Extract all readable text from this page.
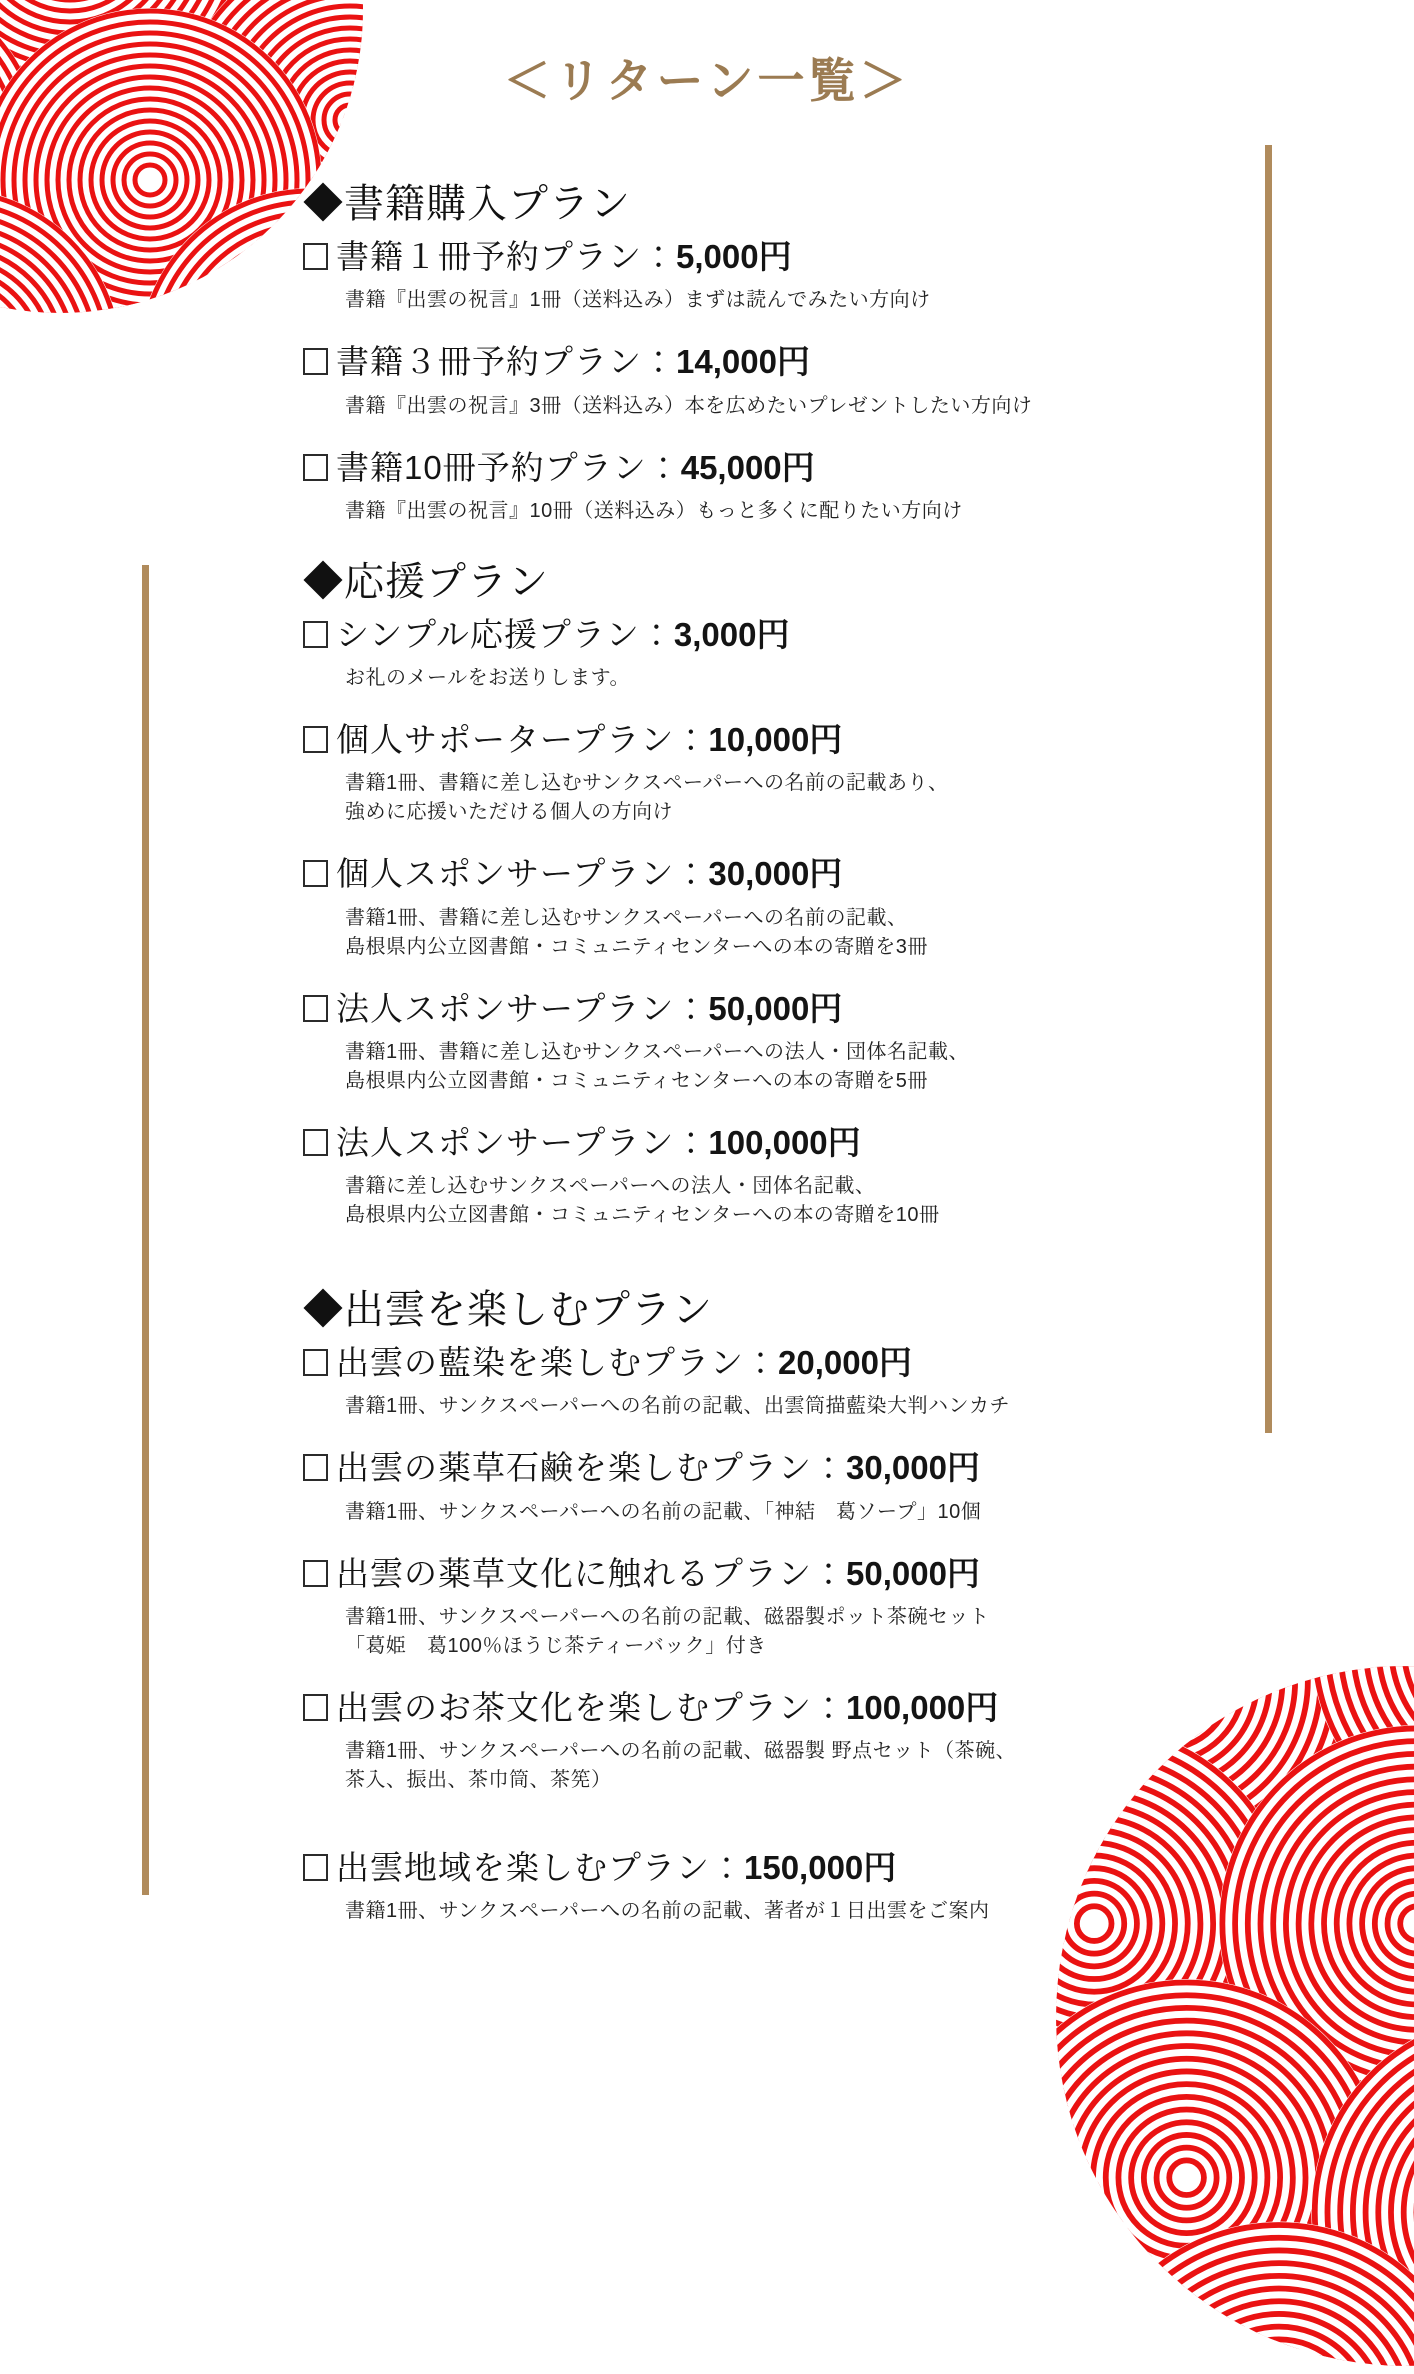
＜リターン一覧＞
◆書籍購入プラン
書籍１冊予約プラン：5,000円
書籍『出雲の祝言』1冊（送料込み）まずは読んでみたい方向け
書籍３冊予約プラン：14,000円
書籍『出雲の祝言』3冊（送料込み）本を広めたいプレゼントしたい方向け
書籍10冊予約プラン：45,000円
書籍『出雲の祝言』10冊（送料込み）もっと多くに配りたい方向け
◆応援プラン
シンプル応援プラン：3,000円
お礼のメールをお送りします。
個人サポータープラン：10,000円
書籍1冊、書籍に差し込むサンクスペーパーへの名前の記載あり、
強めに応援いただける個人の方向け
個人スポンサープラン：30,000円
書籍1冊、書籍に差し込むサンクスペーパーへの名前の記載、
島根県内公立図書館・コミュニティセンターへの本の寄贈を3冊
法人スポンサープラン：50,000円
書籍1冊、書籍に差し込むサンクスペーパーへの法人・団体名記載、
島根県内公立図書館・コミュニティセンターへの本の寄贈を5冊
法人スポンサープラン：100,000円
書籍に差し込むサンクスペーパーへの法人・団体名記載、
島根県内公立図書館・コミュニティセンターへの本の寄贈を10冊
◆出雲を楽しむプラン
出雲の藍染を楽しむプラン：20,000円
書籍1冊、サンクスペーパーへの名前の記載、出雲筒描藍染大判ハンカチ
出雲の薬草石鹸を楽しむプラン：30,000円
書籍1冊、サンクスペーパーへの名前の記載、「神結　葛ソープ」10個
出雲の薬草文化に触れるプラン：50,000円
書籍1冊、サンクスペーパーへの名前の記載、磁器製ポット茶碗セット
「葛姫　葛100％ほうじ茶ティーバック」付き
出雲のお茶文化を楽しむプラン：100,000円
書籍1冊、サンクスペーパーへの名前の記載、磁器製 野点セット（茶碗、
茶入、振出、茶巾筒、茶筅）
出雲地域を楽しむプラン：150,000円
書籍1冊、サンクスペーパーへの名前の記載、著者が１日出雲をご案内
